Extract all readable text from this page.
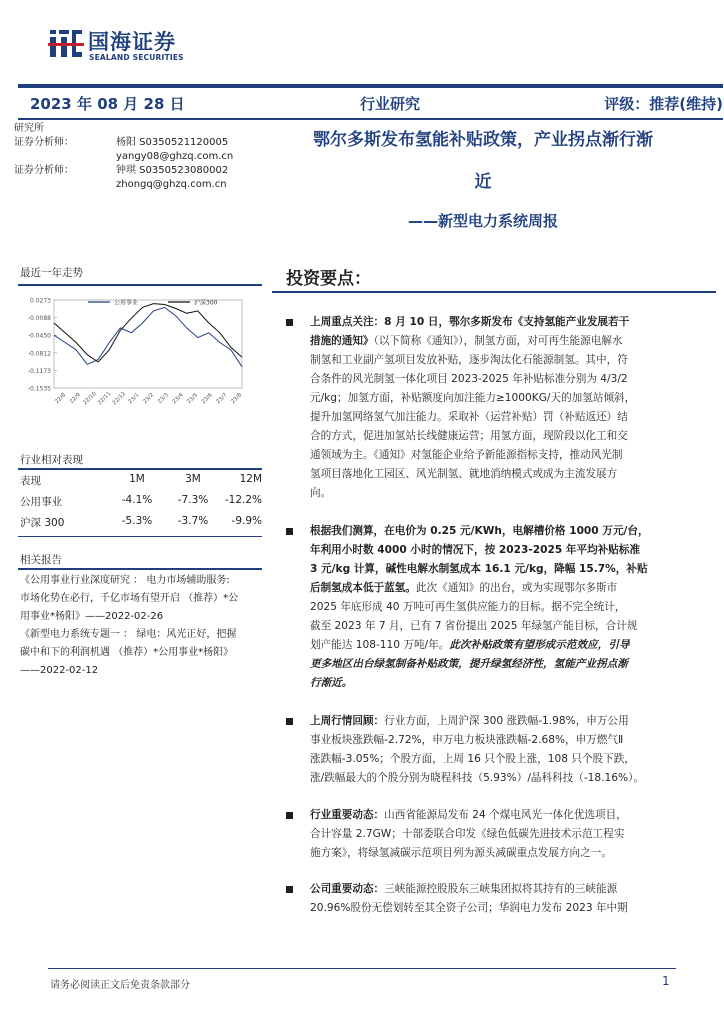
国海证券
SEALAND SECURITIES
2023 年 08 月 28 日	行业研究	评级：推荐(维持)
研究所
证券分析师：	杨阳 S0350521120005
yangy08@ghzq.com.cn
证券分析师：	钟琪 S0350523080002
zhongq@ghzq.com.cn
鄂尔多斯发布氢能补贴政策，产业拐点渐行渐
近
——新型电力系统周报
最近一年走势
0.0273
-0.0088
-0.0450
-0.0812
-0.1173
-0.1535
22/8 22/9 22/10 22/11 22/12 23/1 23/2 23/3 23/4 23/5 23/6 23/7 23/8
公用事业	沪深300
行业相对表现
表现	1M	3M	12M
公用事业	-4.1%	-7.3%	-12.2%
沪深 300	-5.3%	-3.7%	-9.9%
相关报告
《公用事业行业深度研究 ： 电力市场辅助服务:
市场化势在必行，千亿市场有望开启 （推荐）*公
用事业*杨阳》——2022-02-26
《新型电力系统专题一 ： 绿电：风光正好，把握
碳中和下的利润机遇 （推荐）*公用事业*杨阳》
——2022-02-12
投资要点：
上周重点关注：8 月 10 日，鄂尔多斯发布《支持氢能产业发展若干
措施的通知》（以下简称《通知》），制氢方面，对可再生能源电解水
制氢和工业副产氢项目发放补贴，逐步淘汰化石能源制氢。其中，符
合条件的风光制氢一体化项目 2023-2025 年补贴标准分别为 4/3/2
元/kg；加氢方面，补贴额度向加注能力≥1000KG/天的加氢站倾斜，
提升加氢网络氢气加注能力。采取补（运营补贴）罚（补贴返还）结
合的方式，促进加氢站长线健康运营；用氢方面，现阶段以化工和交
通领域为主。《通知》对氢能企业给予新能源指标支持，推动风光制
氢项目落地化工园区、风光制氢、就地消纳模式或成为主流发展方
向。
根据我们测算，在电价为 0.25 元/KWh，电解槽价格 1000 万元/台，
年利用小时数 4000 小时的情况下，按 2023-2025 年平均补贴标准
3 元/kg 计算，碱性电解水制氢成本 16.1 元/kg，降幅 15.7%，补贴
后制氢成本低于蓝氢。此次《通知》的出台，或为实现鄂尔多斯市
2025 年底形成 40 万吨可再生氢供应能力的目标。据不完全统计，
截至 2023 年 7 月，已有 7 省份提出 2025 年绿氢产能目标，合计规
划产能达 108-110 万吨/年。此次补贴政策有望形成示范效应，引导
更多地区出台绿氢制备补贴政策，提升绿氢经济性，氢能产业拐点渐
行渐近。
上周行情回顾：行业方面，上周沪深 300 涨跌幅-1.98%，申万公用
事业板块涨跌幅-2.72%，申万电力板块涨跌幅-2.68%，申万燃气Ⅱ
涨跌幅-3.05%；个股方面，上周 16 只个股上涨，108 只个股下跌，
涨/跌幅最大的个股分别为晓程科技（5.93%）/晶科科技（-18.16%）。
行业重要动态：山西省能源局发布 24 个煤电风光一体化优选项目，
合计容量 2.7GW；十部委联合印发《绿色低碳先进技术示范工程实
施方案》，将绿氢减碳示范项目列为源头减碳重点发展方向之一。
公司重要动态：三峡能源控股股东三峡集团拟将其持有的三峡能源
20.96%股份无偿划转至其全资子公司；华润电力发布 2023 年中期
请务必阅读正文后免责条款部分	1
